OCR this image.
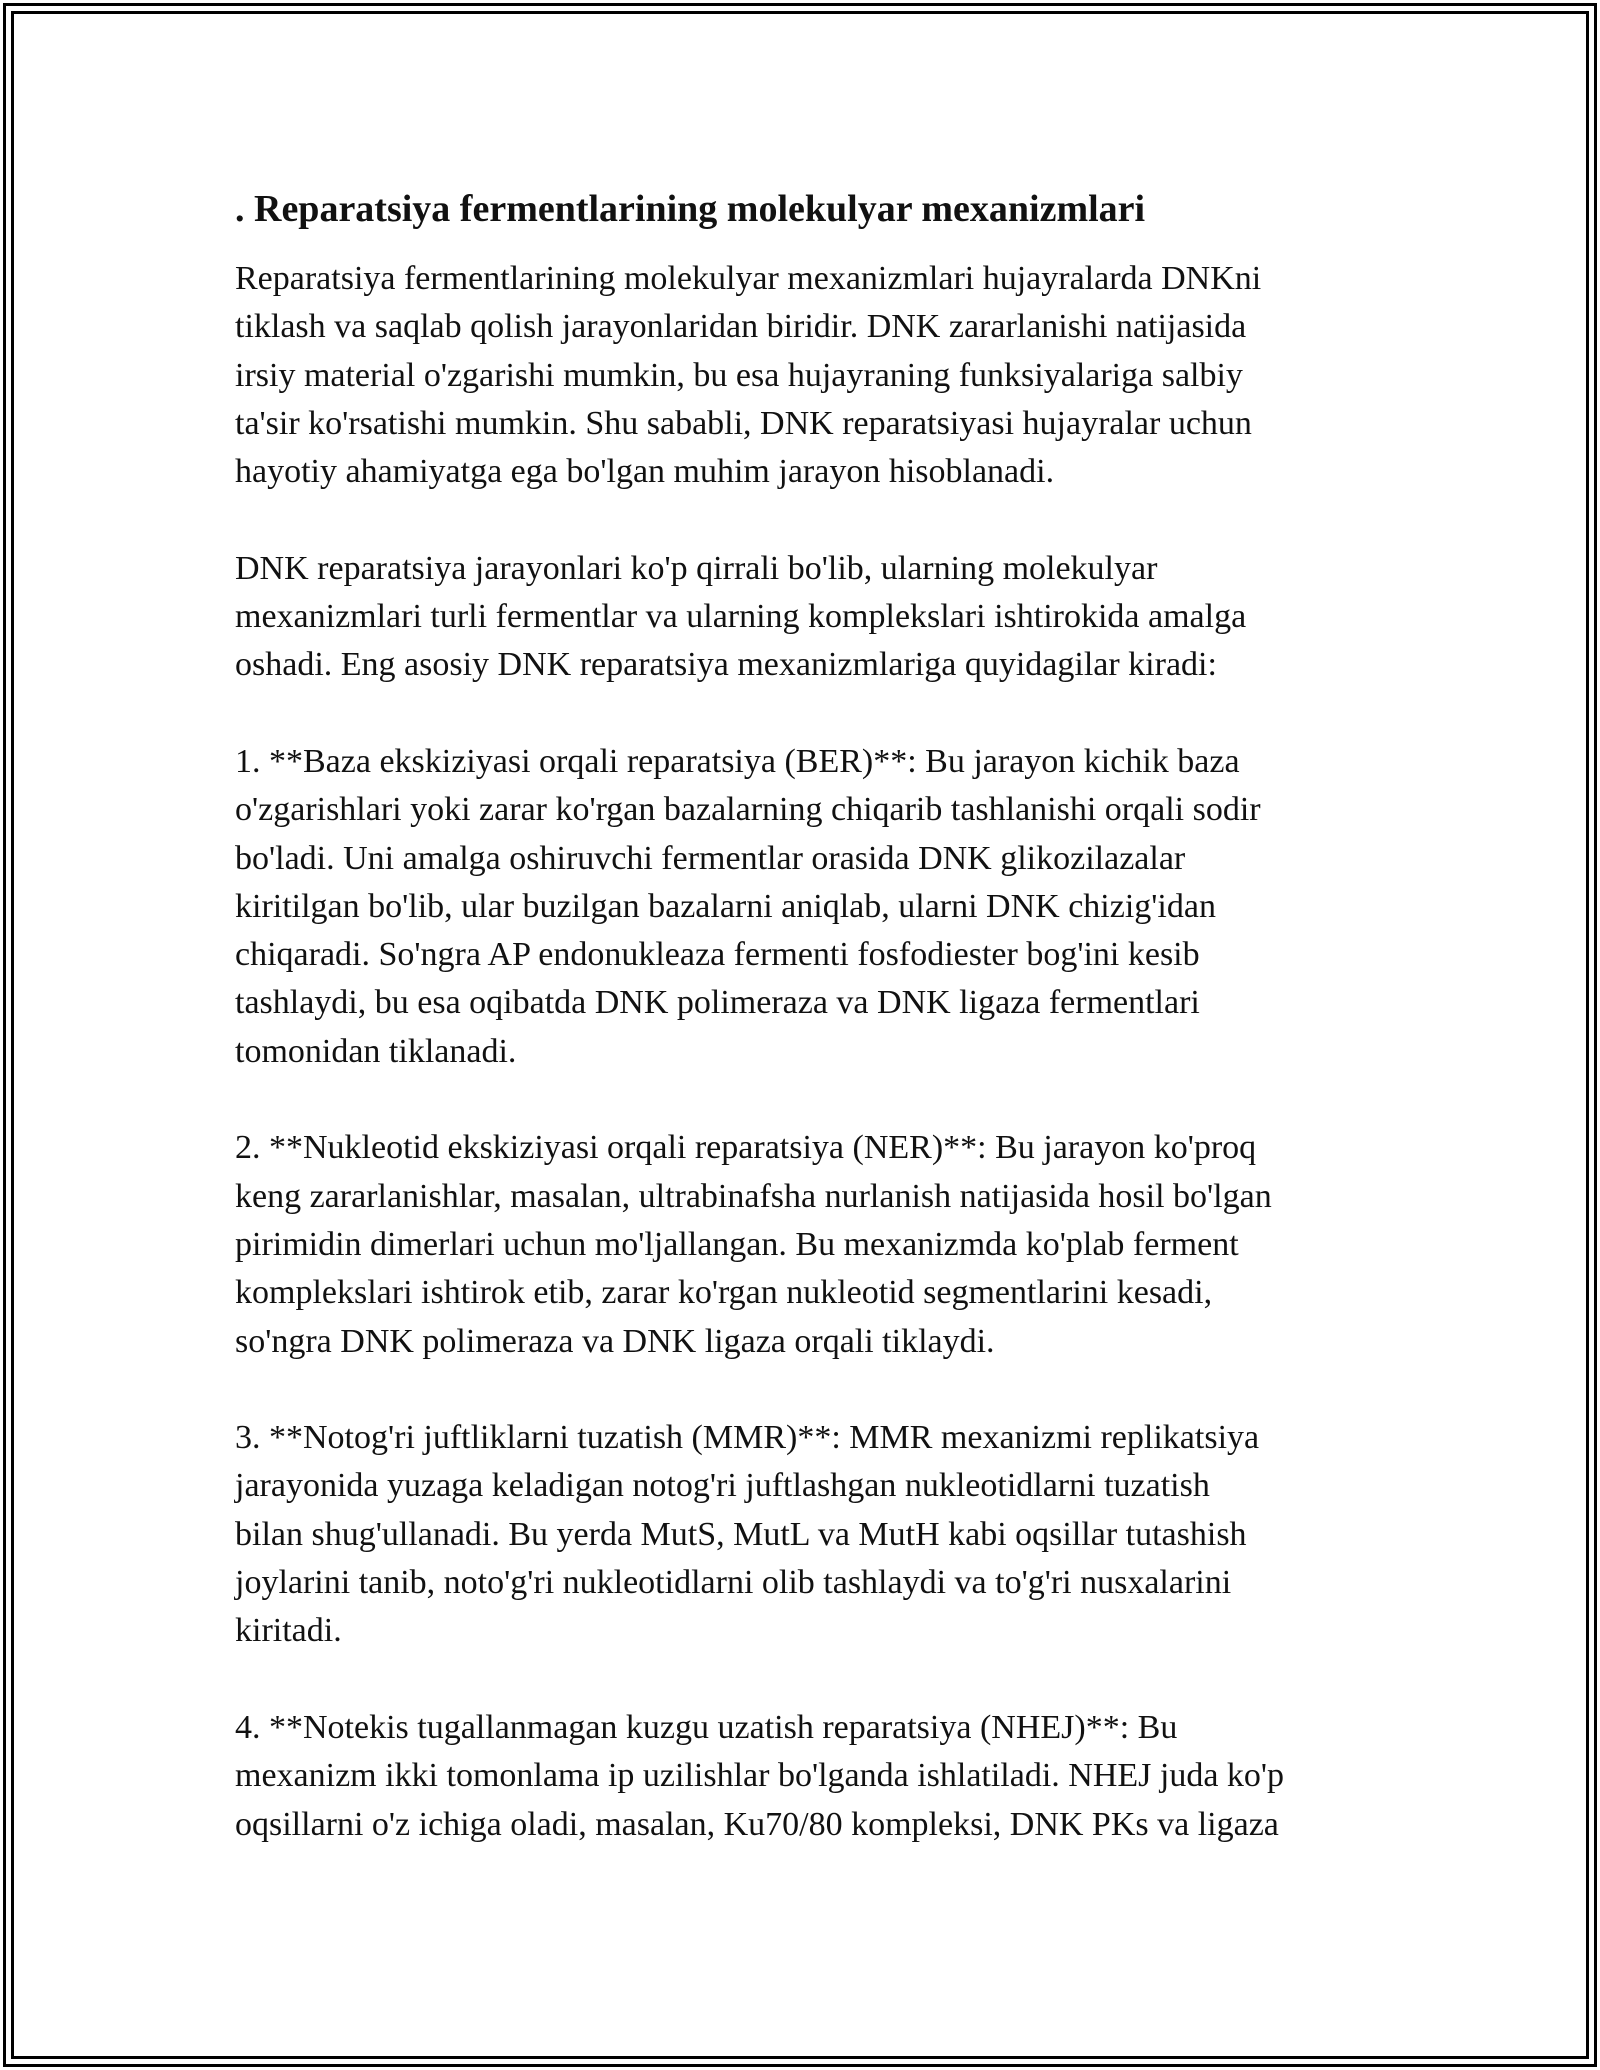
. Reparatsiya fermentlarining molekulyar mexanizmlari

Reparatsiya fermentlarining molekulyar mexanizmlari hujayralarda DNKni
tiklash va saqlab qolish jarayonlaridan biridir. DNK zararlanishi natijasida
irsiy material o'zgarishi mumkin, bu esa hujayraning funksiyalariga salbiy
ta'sir ko'rsatishi mumkin. Shu sababli, DNK reparatsiyasi hujayralar uchun
hayotiy ahamiyatga ega bo'lgan muhim jarayon hisoblanadi.

DNK reparatsiya jarayonlari ko'p qirrali bo'lib, ularning molekulyar
mexanizmlari turli fermentlar va ularning komplekslari ishtirokida amalga
oshadi. Eng asosiy DNK reparatsiya mexanizmlariga quyidagilar kiradi:

1. **Baza ekskiziyasi orqali reparatsiya (BER)**: Bu jarayon kichik baza
o'zgarishlari yoki zarar ko'rgan bazalarning chiqarib tashlanishi orqali sodir
bo'ladi. Uni amalga oshiruvchi fermentlar orasida DNK glikozilazalar
kiritilgan bo'lib, ular buzilgan bazalarni aniqlab, ularni DNK chizig'idan
chiqaradi. So'ngra AP endonukleaza fermenti fosfodiester bog'ini kesib
tashlaydi, bu esa oqibatda DNK polimeraza va DNK ligaza fermentlari
tomonidan tiklanadi.

2. **Nukleotid ekskiziyasi orqali reparatsiya (NER)**: Bu jarayon ko'proq
keng zararlanishlar, masalan, ultrabinafsha nurlanish natijasida hosil bo'lgan
pirimidin dimerlari uchun mo'ljallangan. Bu mexanizmda ko'plab ferment
komplekslari ishtirok etib, zarar ko'rgan nukleotid segmentlarini kesadi,
so'ngra DNK polimeraza va DNK ligaza orqali tiklaydi.

3. **Notog'ri juftliklarni tuzatish (MMR)**: MMR mexanizmi replikatsiya
jarayonida yuzaga keladigan notog'ri juftlashgan nukleotidlarni tuzatish
bilan shug'ullanadi. Bu yerda MutS, MutL va MutH kabi oqsillar tutashish
joylarini tanib, noto'g'ri nukleotidlarni olib tashlaydi va to'g'ri nusxalarini
kiritadi.

4. **Notekis tugallanmagan kuzgu uzatish reparatsiya (NHEJ)**: Bu
mexanizm ikki tomonlama ip uzilishlar bo'lganda ishlatiladi. NHEJ juda ko'p
oqsillarni o'z ichiga oladi, masalan, Ku70/80 kompleksi, DNK PKs va ligaza
